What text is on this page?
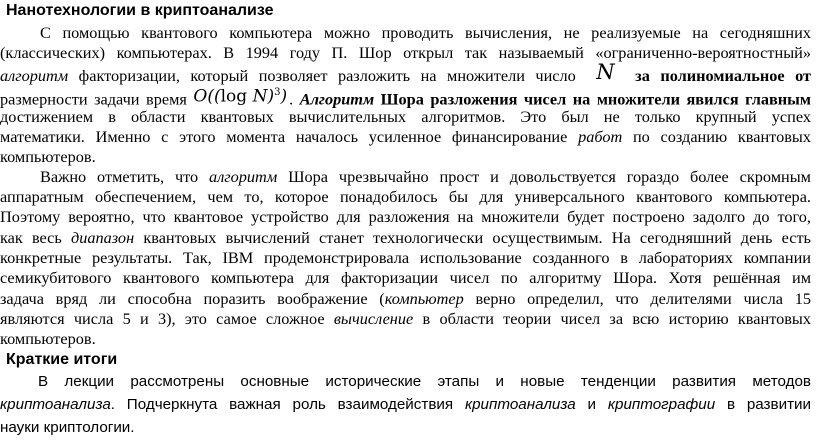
Нанотехнологии в криптоанализе
С помощью квантового компьютера можно проводить вычисления, не реализуемые на сегодняшних
(классических) компьютерах. В 1994 году П. Шор открыл так называемый «ограниченно-вероятностный»
алгоритм факторизации, который позволяет разложить на множители число N за полиномиальное от
размерности задачи время O((log N)$^3$) . Алгоритм Шора разложения чисел на множители явился главным
достижением в области квантовых вычислительных алгоритмов. Это был не только крупный успех
математики. Именно с этого момента началось усиленное финансирование работ по созданию квантовых
компьютеров.
Важно отметить, что алгоритм Шора чрезвычайно прост и довольствуется гораздо более скромным
аппаратным обеспечением, чем то, которое понадобилось бы для универсального квантового компьютера.
Поэтому вероятно, что квантовое устройство для разложения на множители будет построено задолго до того,
как весь диапазон квантовых вычислений станет технологически осуществимым. На сегодняшний день есть
конкретные результаты. Так, IBM продемонстрировала использование созданного в лабораториях компании
семикубитового квантового компьютера для факторизации чисел по алгоритму Шора. Хотя решённая им
задача вряд ли способна поразить воображение (компьютер верно определил, что делителями числа 15
являются числа 5 и 3), это самое сложное вычисление в области теории чисел за всю историю квантовых
компьютеров.
Краткие итоги
В лекции рассмотрены основные исторические этапы и новые тенденции развития методов
криптоанализа. Подчеркнута важная роль взаимодействия криптоанализа и криптографии в развитии
науки криптологии.
